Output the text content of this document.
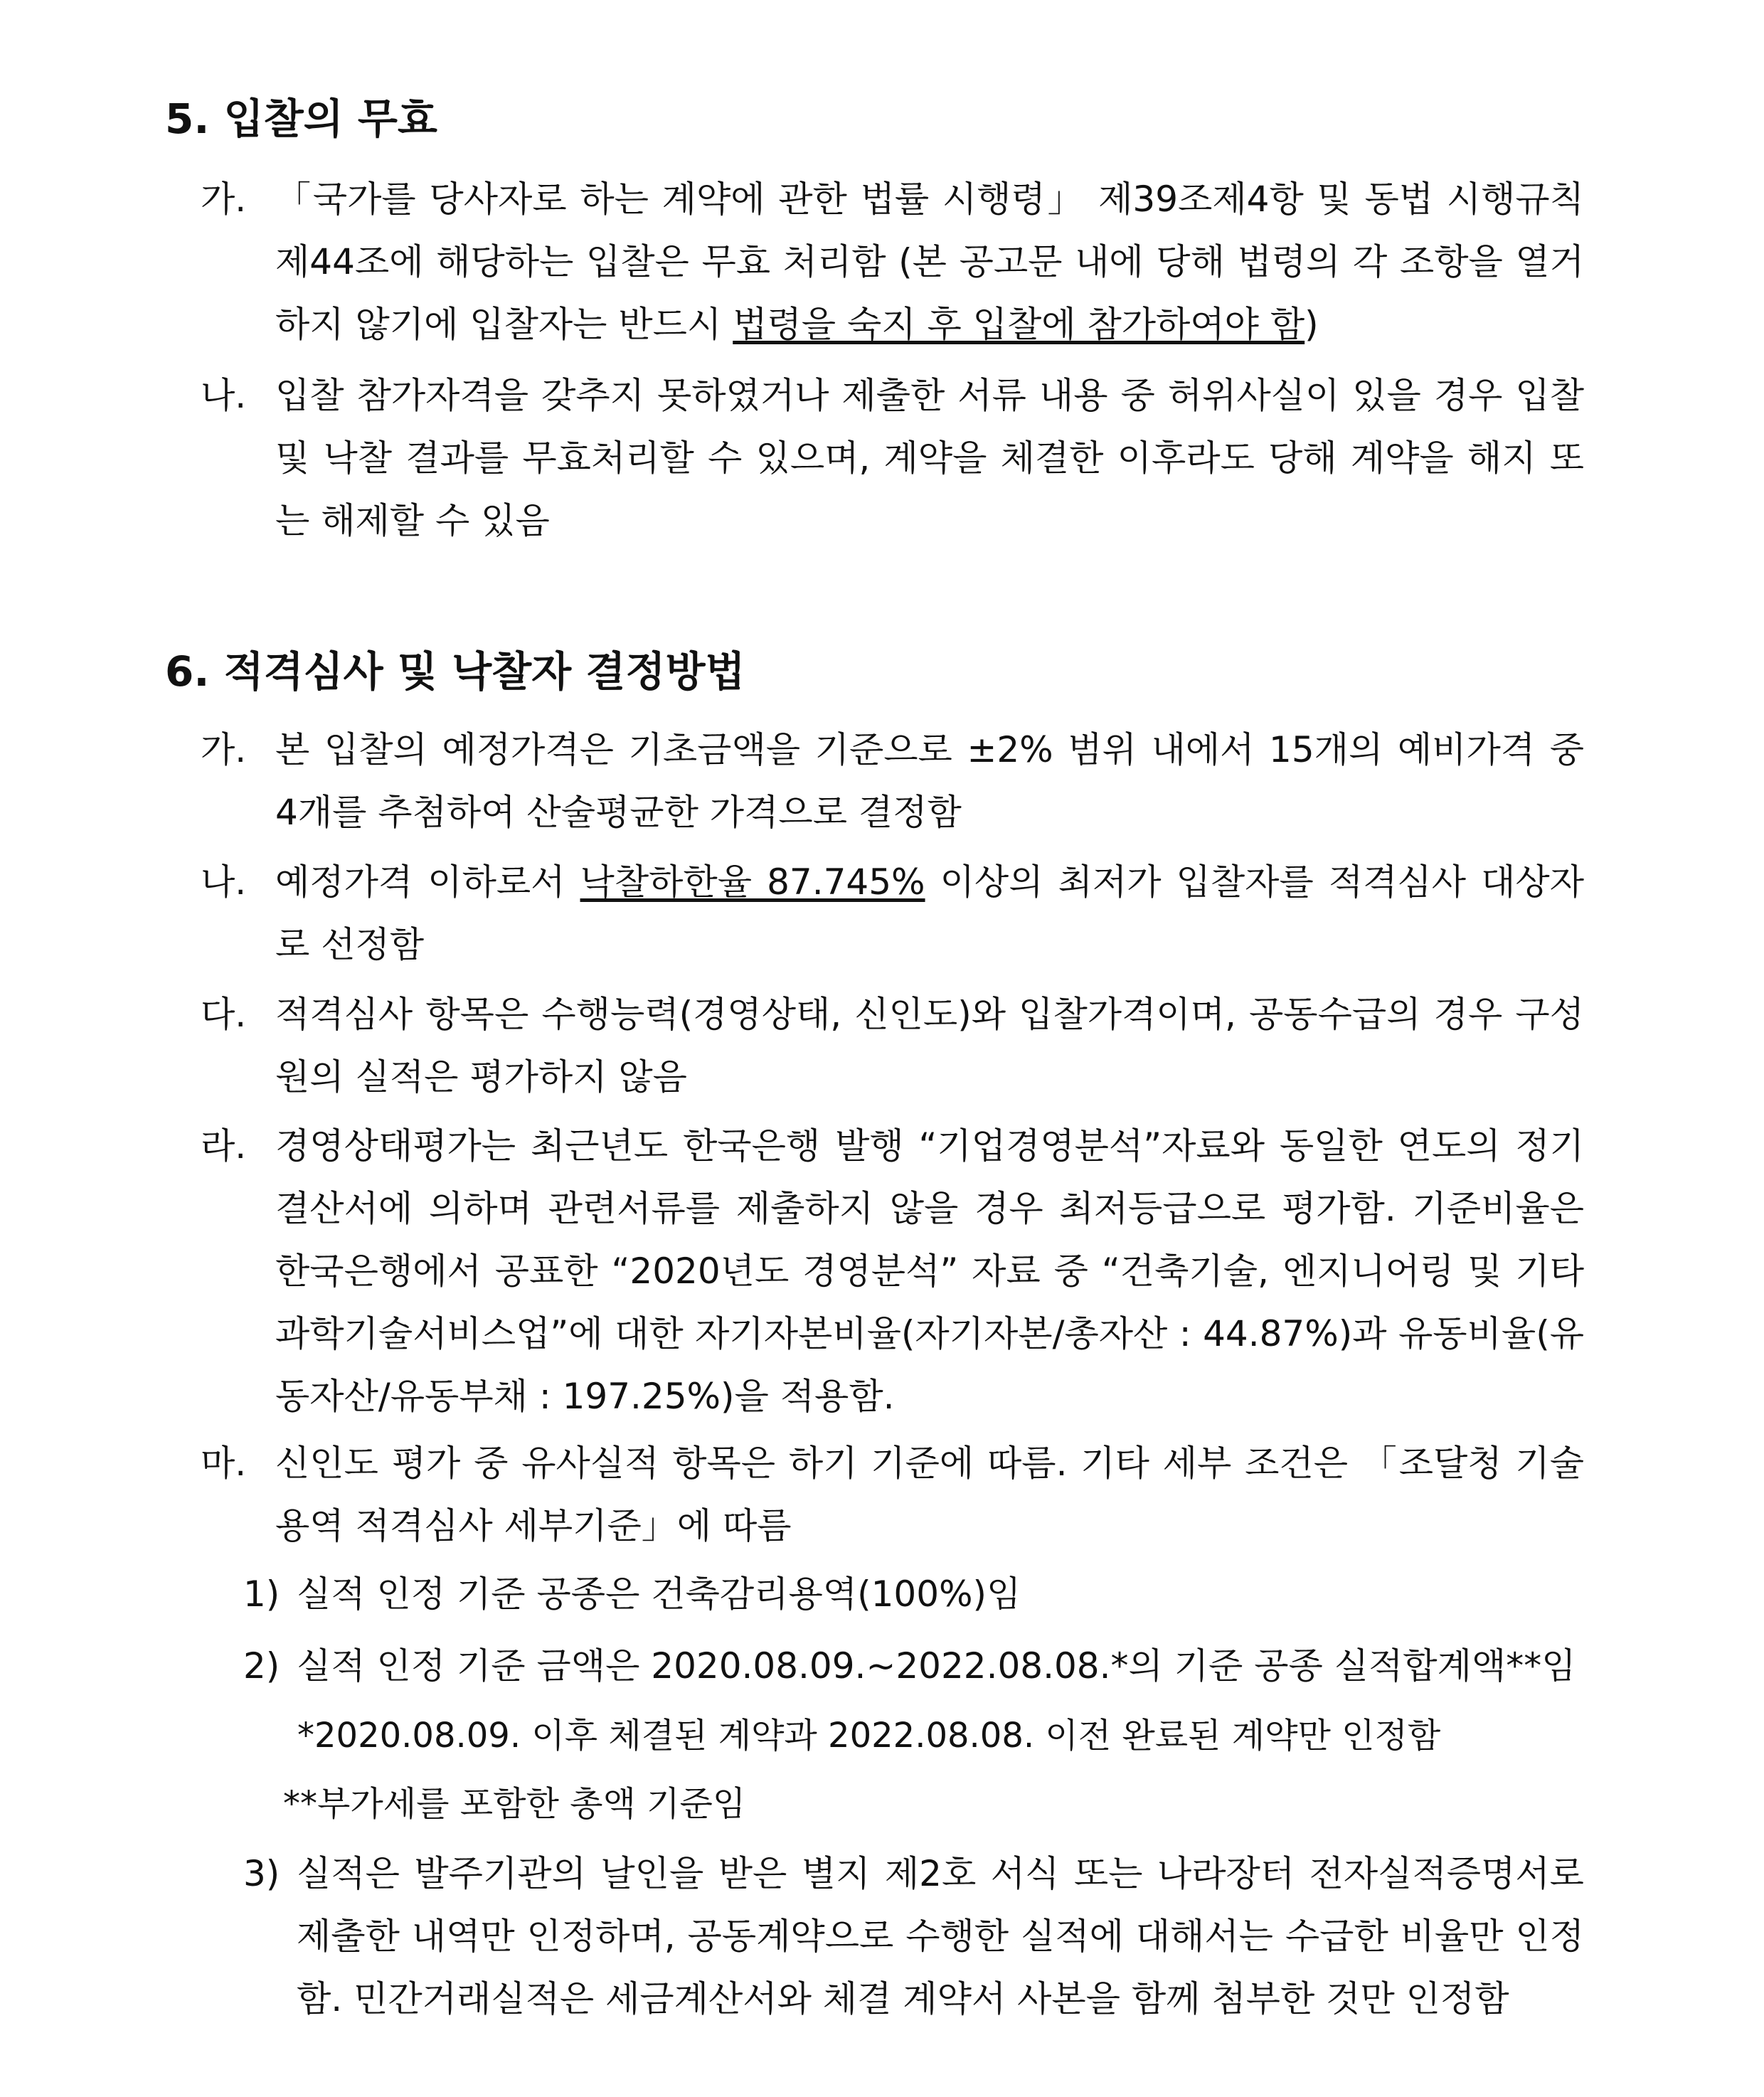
5. 입찰의 무효
가. 「국가를 당사자로 하는 계약에 관한 법률 시행령」 제39조제4항 및 동법 시행규칙 제44조에 해당하는 입찰은 무효 처리함 (본 공고문 내에 당해 법령의 각 조항을 열거하지 않기에 입찰자는 반드시 법령을 숙지 후 입찰에 참가하여야 함)
나. 입찰 참가자격을 갖추지 못하였거나 제출한 서류 내용 중 허위사실이 있을 경우 입찰 및 낙찰 결과를 무효처리할 수 있으며, 계약을 체결한 이후라도 당해 계약을 해지 또는 해제할 수 있음
6. 적격심사 및 낙찰자 결정방법
가. 본 입찰의 예정가격은 기초금액을 기준으로 ±2% 범위 내에서 15개의 예비가격 중 4개를 추첨하여 산술평균한 가격으로 결정함
나. 예정가격 이하로서 낙찰하한율 87.745% 이상의 최저가 입찰자를 적격심사 대상자로 선정함
다. 적격심사 항목은 수행능력(경영상태, 신인도)와 입찰가격이며, 공동수급의 경우 구성원의 실적은 평가하지 않음
라. 경영상태평가는 최근년도 한국은행 발행 “기업경영분석”자료와 동일한 연도의 정기결산서에 의하며 관련서류를 제출하지 않을 경우 최저등급으로 평가함. 기준비율은 한국은행에서 공표한 “2020년도 경영분석” 자료 중 “건축기술, 엔지니어링 및 기타 과학기술서비스업”에 대한 자기자본비율(자기자본/총자산 : 44.87%)과 유동비율(유동자산/유동부채 : 197.25%)을 적용함.
마. 신인도 평가 중 유사실적 항목은 하기 기준에 따름. 기타 세부 조건은 「조달청 기술용역 적격심사 세부기준」에 따름
1) 실적 인정 기준 공종은 건축감리용역(100%)임
2) 실적 인정 기준 금액은 2020.08.09.~2022.08.08.*의 기준 공종 실적합계액**임
*2020.08.09. 이후 체결된 계약과 2022.08.08. 이전 완료된 계약만 인정함
**부가세를 포함한 총액 기준임
3) 실적은 발주기관의 날인을 받은 별지 제2호 서식 또는 나라장터 전자실적증명서로 제출한 내역만 인정하며, 공동계약으로 수행한 실적에 대해서는 수급한 비율만 인정함. 민간거래실적은 세금계산서와 체결 계약서 사본을 함께 첨부한 것만 인정함
